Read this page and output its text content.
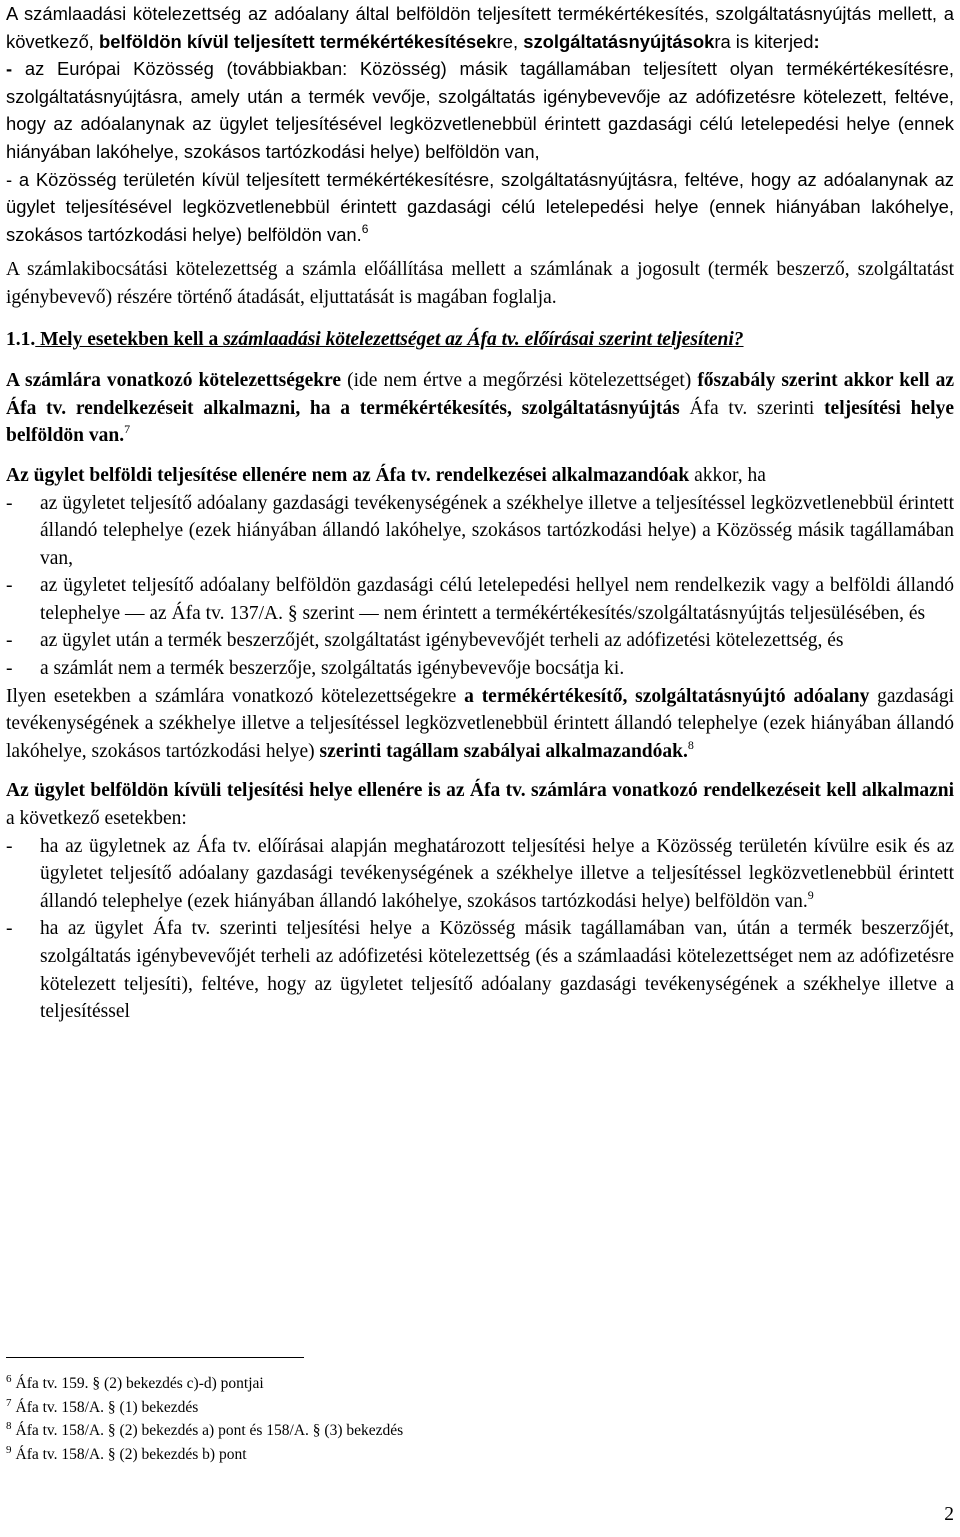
A számlaadási kötelezettség az adóalany által belföldön teljesített termékértékesítés, szolgáltatásnyújtás mellett, a következő, belföldön kívül teljesített termékértékesítésekre, szolgáltatásnyújtásokra is kiterjed:

- az Európai Közösség (továbbiakban: Közösség) másik tagállamában teljesített olyan termékértékesítésre, szolgáltatásnyújtásra, amely után a termék vevője, szolgáltatás igénybevevője az adófizetésre kötelezett, feltéve, hogy az adóalanynak az ügylet teljesítésével legközvetlenebbül érintett gazdasági célú letelepedési helye (ennek hiányában lakóhelye, szokásos tartózkodási helye) belföldön van,

- a Közösség területén kívül teljesített termékértékesítésre, szolgáltatásnyújtásra, feltéve, hogy az adóalanynak az ügylet teljesítésével legközvetlenebbül érintett gazdasági célú letelepedési helye (ennek hiányában lakóhelye, szokásos tartózkodási helye) belföldön van.$^6$

A számlakibocsátási kötelezettség a számla előállítása mellett a számlának a jogosult (termék beszerző, szolgáltatást igénybevevő) részére történő átadását, eljuttatását is magában foglalja.

1.1. Mely esetekben kell a számlaadási kötelezettséget az Áfa tv. előírásai szerint teljesíteni?

A számlára vonatkozó kötelezettségekre (ide nem értve a megőrzési kötelezettséget) főszabály szerint akkor kell az Áfa tv. rendelkezéseit alkalmazni, ha a termékértékesítés, szolgáltatásnyújtás Áfa tv. szerinti teljesítési helye belföldön van.$^7$

Az ügylet belföldi teljesítése ellenére nem az Áfa tv. rendelkezései alkalmazandóak akkor, ha

- az ügyletet teljesítő adóalany gazdasági tevékenységének a székhelye illetve a teljesítéssel legközvetlenebbül érintett állandó telephelye (ezek hiányában állandó lakóhelye, szokásos tartózkodási helye) a Közösség másik tagállamában van,
- az ügyletet teljesítő adóalany belföldön gazdasági célú letelepedési hellyel nem rendelkezik vagy a belföldi állandó telephelye ― az Áfa tv. 137/A. § szerint ― nem érintett a termékértékesítés/szolgáltatásnyújtás teljesülésében, és
- az ügylet után a termék beszerzőjét, szolgáltatást igénybevevőjét terheli az adófizetési kötelezettség, és
- a számlát nem a termék beszerzője, szolgáltatás igénybevevője bocsátja ki.

Ilyen esetekben a számlára vonatkozó kötelezettségekre a termékértékesítő, szolgáltatásnyújtó adóalany gazdasági tevékenységének a székhelye illetve a teljesítéssel legközvetlenebbül érintett állandó telephelye (ezek hiányában állandó lakóhelye, szokásos tartózkodási helye) szerinti tagállam szabályai alkalmazandóak.$^8$

Az ügylet belföldön kívüli teljesítési helye ellenére is az Áfa tv. számlára vonatkozó rendelkezéseit kell alkalmazni a következő esetekben:

- ha az ügyletnek az Áfa tv. előírásai alapján meghatározott teljesítési helye a Közösség területén kívülre esik és az ügyletet teljesítő adóalany gazdasági tevékenységének a székhelye illetve a teljesítéssel legközvetlenebbül érintett állandó telephelye (ezek hiányában állandó lakóhelye, szokásos tartózkodási helye) belföldön van.$^9$
- ha az ügylet Áfa tv. szerinti teljesítési helye a Közösség másik tagállamában van, útán a termék beszerzőjét, szolgáltatás igénybevevőjét terheli az adófizetési kötelezettség (és a számlaadási kötelezettséget nem az adófizetésre kötelezett teljesíti), feltéve, hogy az ügyletet teljesítő adóalany gazdasági tevékenységének a székhelye illetve a teljesítéssel
$^6$ Áfa tv. 159. § (2) bekezdés c)-d) pontjai
$^7$ Áfa tv. 158/A. § (1) bekezdés
$^8$ Áfa tv. 158/A. § (2) bekezdés a) pont és 158/A. § (3) bekezdés
$^9$ Áfa tv. 158/A. § (2) bekezdés b) pont
2
